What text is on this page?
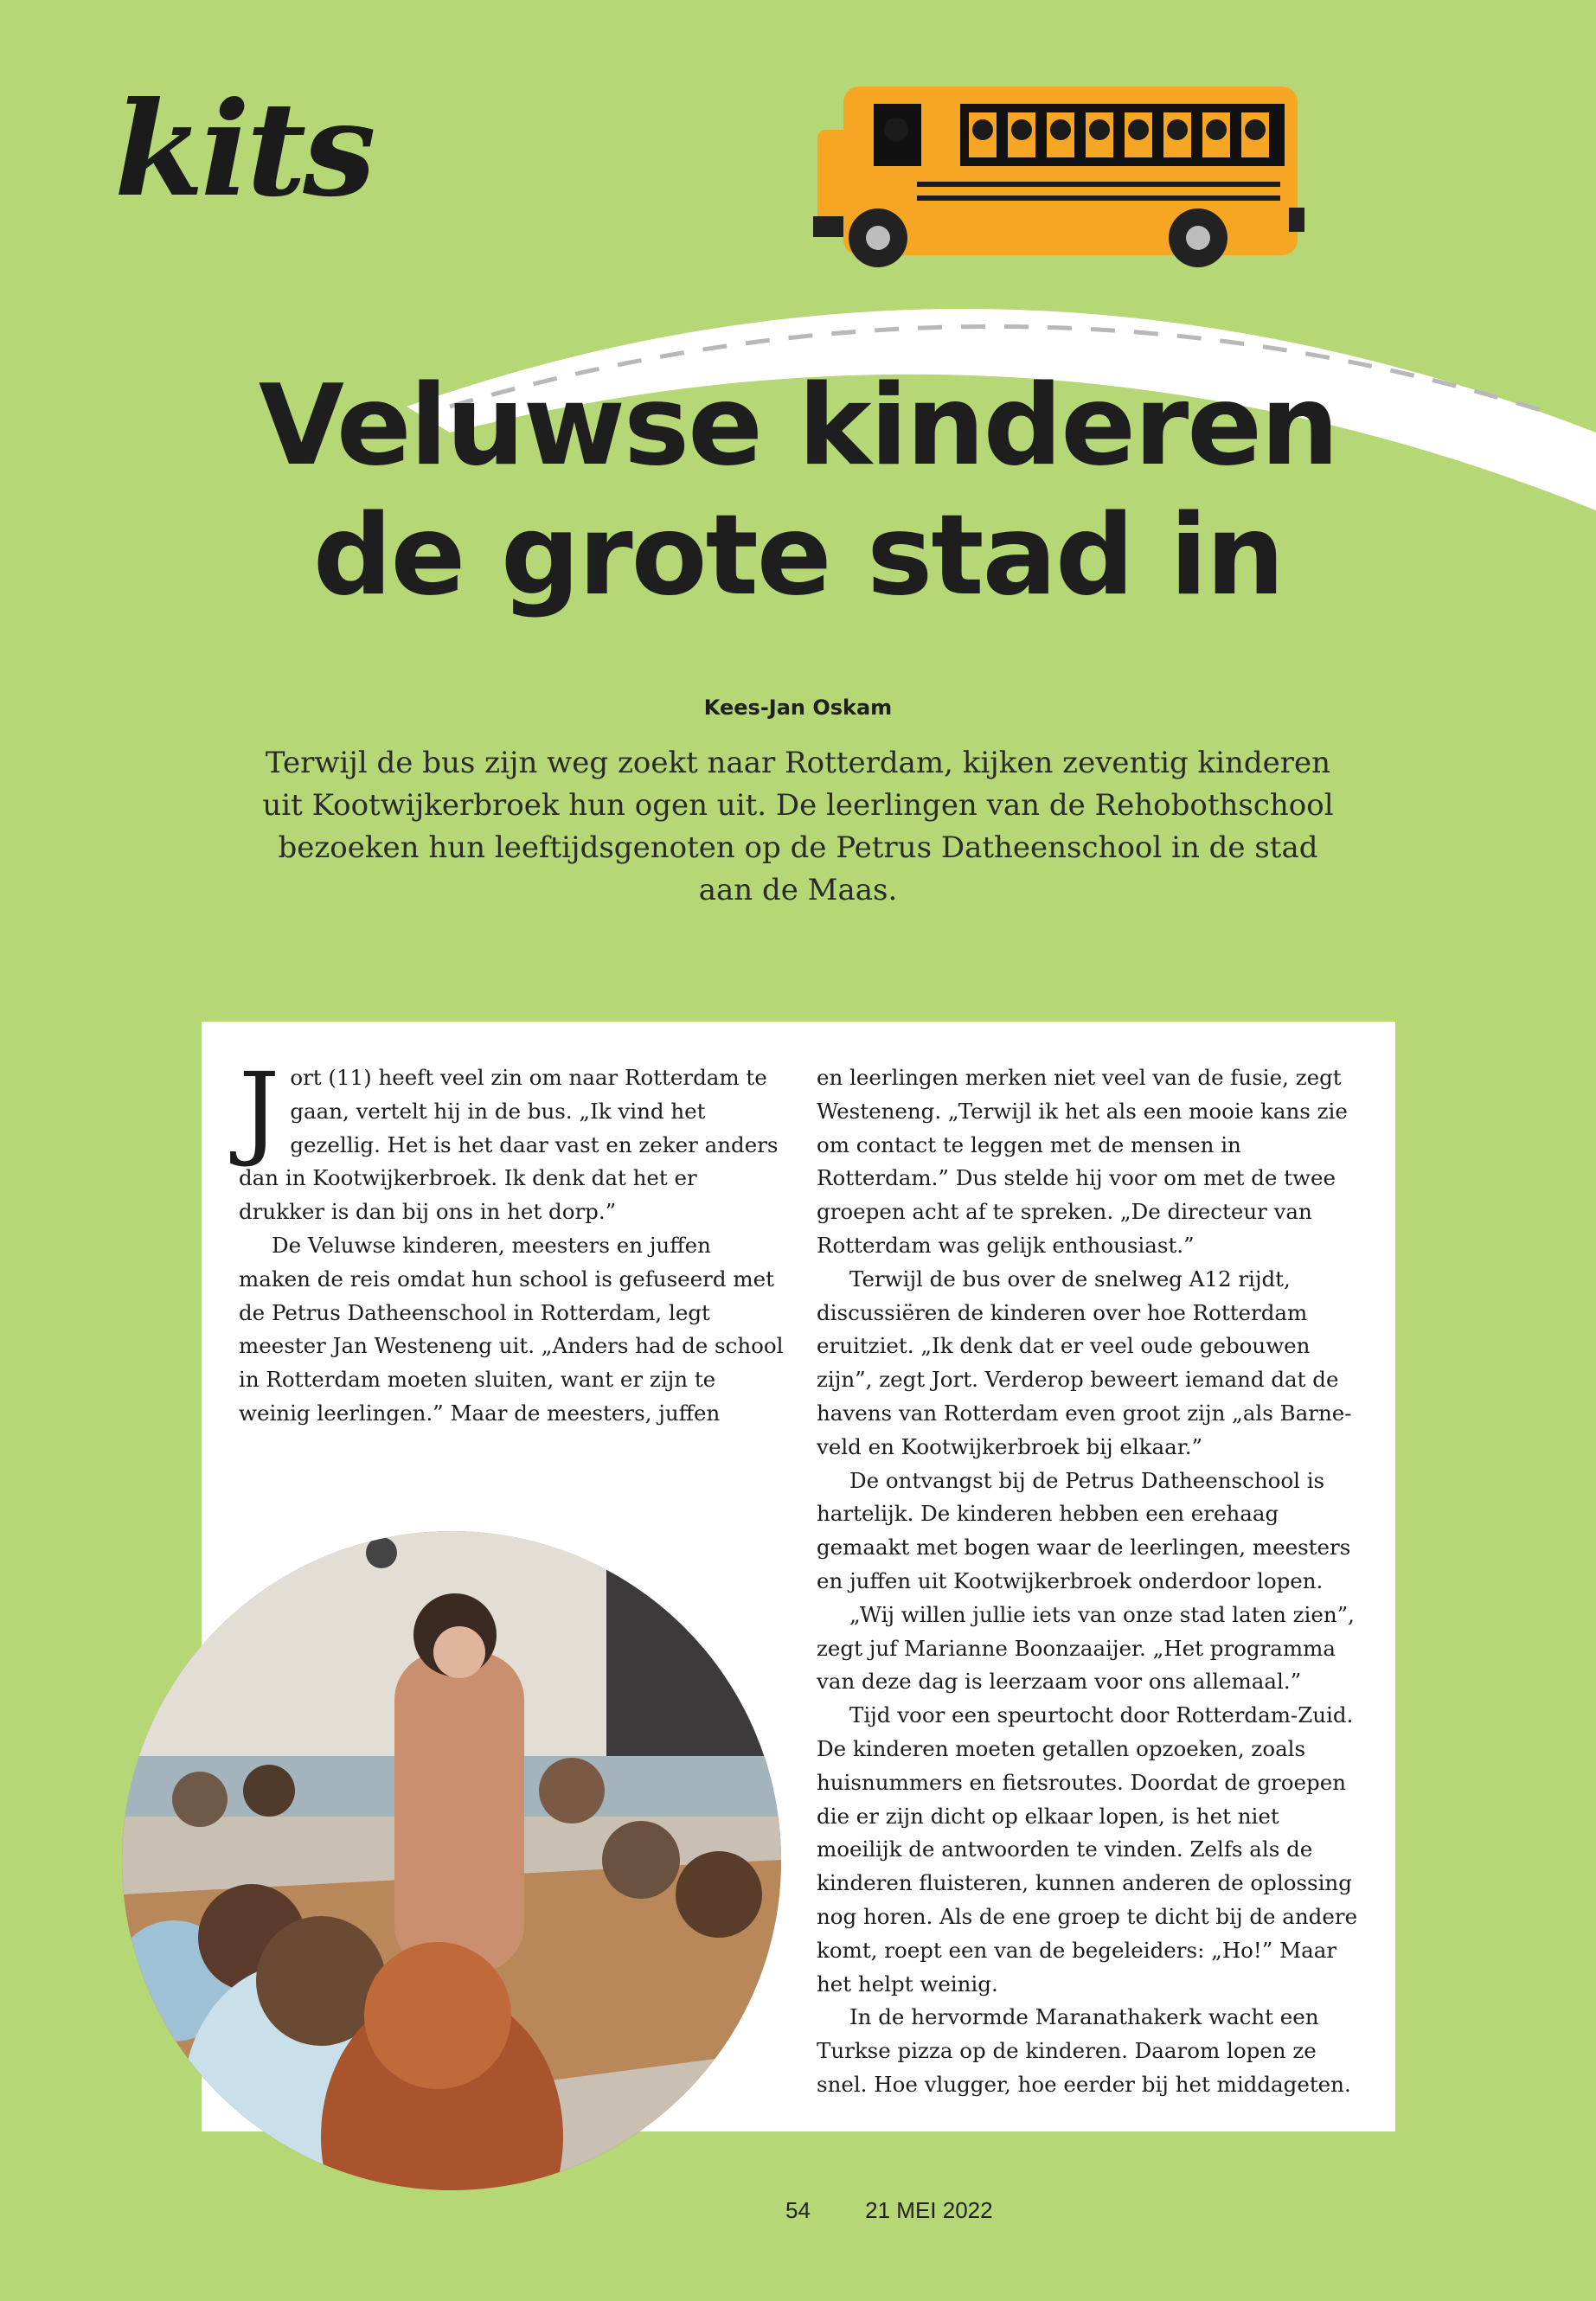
kits
Veluwse kinderen
de grote stad in
Kees-Jan Oskam
Terwijl de bus zijn weg zoekt naar Rotterdam, kijken zeventig kinderen uit Kootwijkerbroek hun ogen uit. De leerlingen van de Rehobothschool bezoeken hun leeftijdsgenoten op de Petrus Datheenschool in de stad aan de Maas.

Jort (11) heeft veel zin om naar Rotterdam te gaan, vertelt hij in de bus. „Ik vind het gezellig. Het is het daar vast en zeker anders dan in Kootwijkerbroek. Ik denk dat het er drukker is dan bij ons in het dorp.”

De Veluwse kinderen, meesters en juffen maken de reis omdat hun school is gefuseerd met de Petrus Datheenschool in Rotterdam, legt meester Jan Westeneng uit. „Anders had de school in Rotterdam moeten sluiten, want er zijn te weinig leerlingen.” Maar de meesters, juffen

en leerlingen merken niet veel van de fusie, zegt Westeneng. „Terwijl ik het als een mooie kans zie om contact te leggen met de mensen in Rotterdam.” Dus stelde hij voor om met de twee groepen acht af te spreken. „De directeur van Rotterdam was gelijk enthousiast.”

Terwijl de bus over de snelweg A12 rijdt, discussiëren de kinderen over hoe Rotterdam eruitziet. „Ik denk dat er veel oude gebouwen zijn”, zegt Jort. Verderop beweert iemand dat de havens van Rotterdam even groot zijn „als Barne-veld en Kootwijkerbroek bij elkaar.”

De ontvangst bij de Petrus Datheenschool is hartelijk. De kinderen hebben een erehaag gemaakt met bogen waar de leerlingen, meesters en juffen uit Kootwijkerbroek onderdoor lopen.

„Wij willen jullie iets van onze stad laten zien”, zegt juf Marianne Boonzaaijer. „Het programma van deze dag is leerzaam voor ons allemaal.”

Tijd voor een speurtocht door Rotterdam-Zuid. De kinderen moeten getallen opzoeken, zoals huisnummers en fietsroutes. Doordat de groepen die er zijn dicht op elkaar lopen, is het niet moeilijk de antwoorden te vinden. Zelfs als de kinderen fluisteren, kunnen anderen de oplossing nog horen. Als de ene groep te dicht bij de andere komt, roept een van de begeleiders: „Ho!” Maar het helpt weinig.

In de hervormde Maranathakerk wacht een Turkse pizza op de kinderen. Daarom lopen ze snel. Hoe vlugger, hoe eerder bij het middageten.

54 21 MEI 2022
